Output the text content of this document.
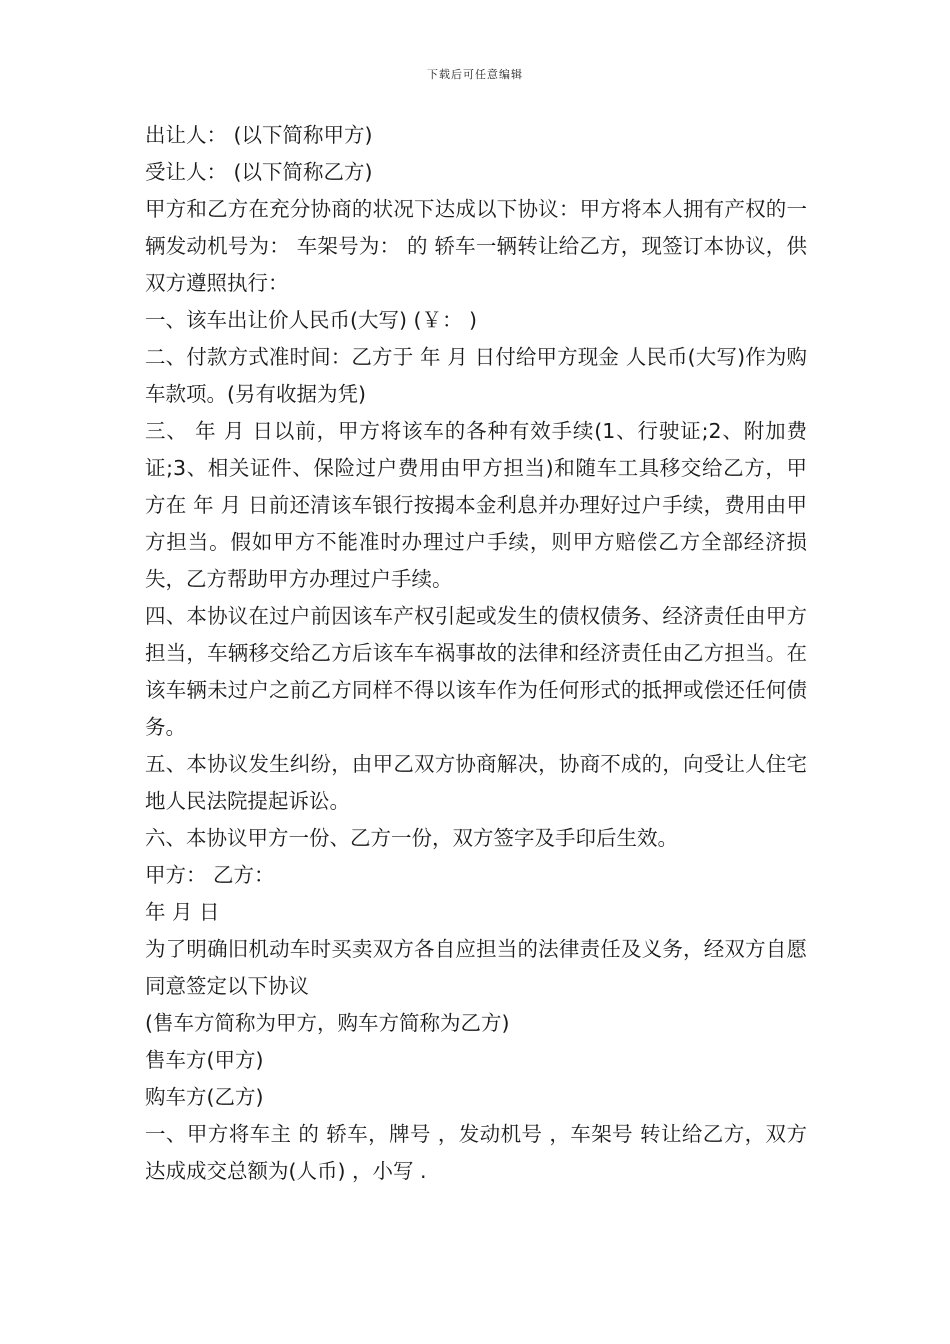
下载后可任意编辑

出让人： (以下简称甲方)

受让人： (以下简称乙方)

甲方和乙方在充分协商的状况下达成以下协议：甲方将本人拥有产权的一辆发动机号为： 车架号为： 的 轿车一辆转让给乙方，现签订本协议，供双方遵照执行：

一、该车出让价人民币(大写) (￥： )

二、付款方式准时间：乙方于 年 月 日付给甲方现金 人民币(大写)作为购车款项。(另有收据为凭)

三、 年 月 日以前，甲方将该车的各种有效手续(1、行驶证;2、附加费证;3、相关证件、保险过户费用由甲方担当)和随车工具移交给乙方，甲方在 年 月 日前还清该车银行按揭本金利息并办理好过户手续，费用由甲方担当。假如甲方不能准时办理过户手续，则甲方赔偿乙方全部经济损失，乙方帮助甲方办理过户手续。

四、本协议在过户前因该车产权引起或发生的债权债务、经济责任由甲方担当，车辆移交给乙方后该车车祸事故的法律和经济责任由乙方担当。在该车辆未过户之前乙方同样不得以该车作为任何形式的抵押或偿还任何债务。

五、本协议发生纠纷，由甲乙双方协商解决，协商不成的，向受让人住宅地人民法院提起诉讼。

六、本协议甲方一份、乙方一份，双方签字及手印后生效。

甲方： 乙方：

年 月 日

为了明确旧机动车时买卖双方各自应担当的法律责任及义务，经双方自愿同意签定以下协议

(售车方简称为甲方，购车方简称为乙方)

售车方(甲方)

购车方(乙方)

一、甲方将车主 的 轿车，牌号 ，发动机号 ，车架号 转让给乙方，双方达成成交总额为(人币) ，小写 .
